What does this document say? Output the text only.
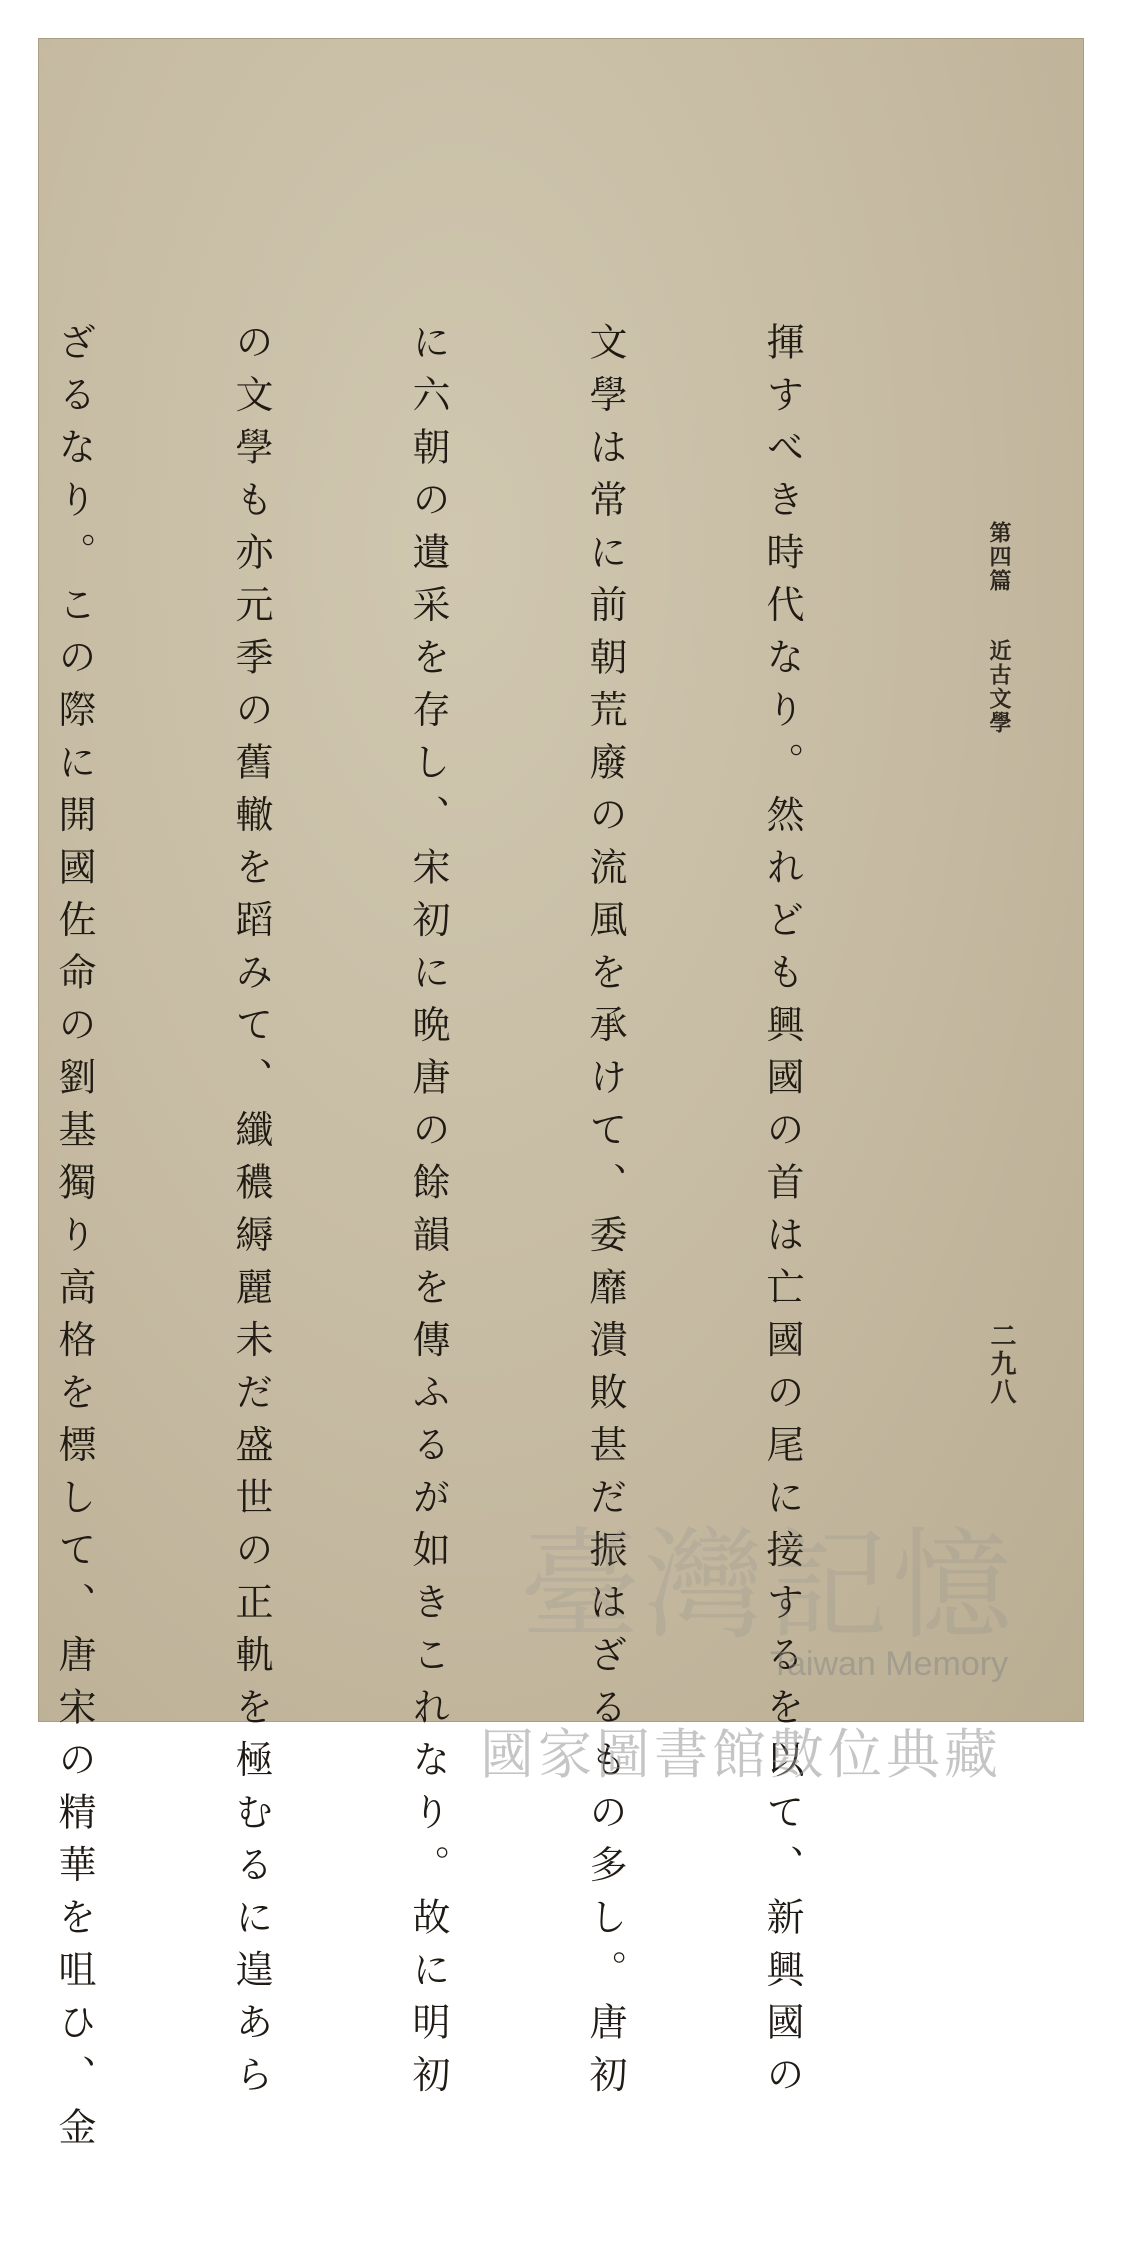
第四篇
近古文學
二九八

揮すべき時代なり。然れども興國の首は亡國の尾に接するを以て、新興國の

文學は常に前朝荒廢の流風を承けて、委靡潰敗甚だ振はざるもの多し。唐初

に六朝の遺采を存し、宋初に晩唐の餘韻を傳ふるが如きこれなり。故に明初

の文學も亦元季の舊轍を蹈みて、纖穠縟麗未だ盛世の正軌を極むるに遑あら

ざるなり。この際に開國佐命の劉基獨り高格を標して、唐宋の精華を咀ひ、金

	臺灣記憶
Taiwan Memory
國家圖書館數位典藏
